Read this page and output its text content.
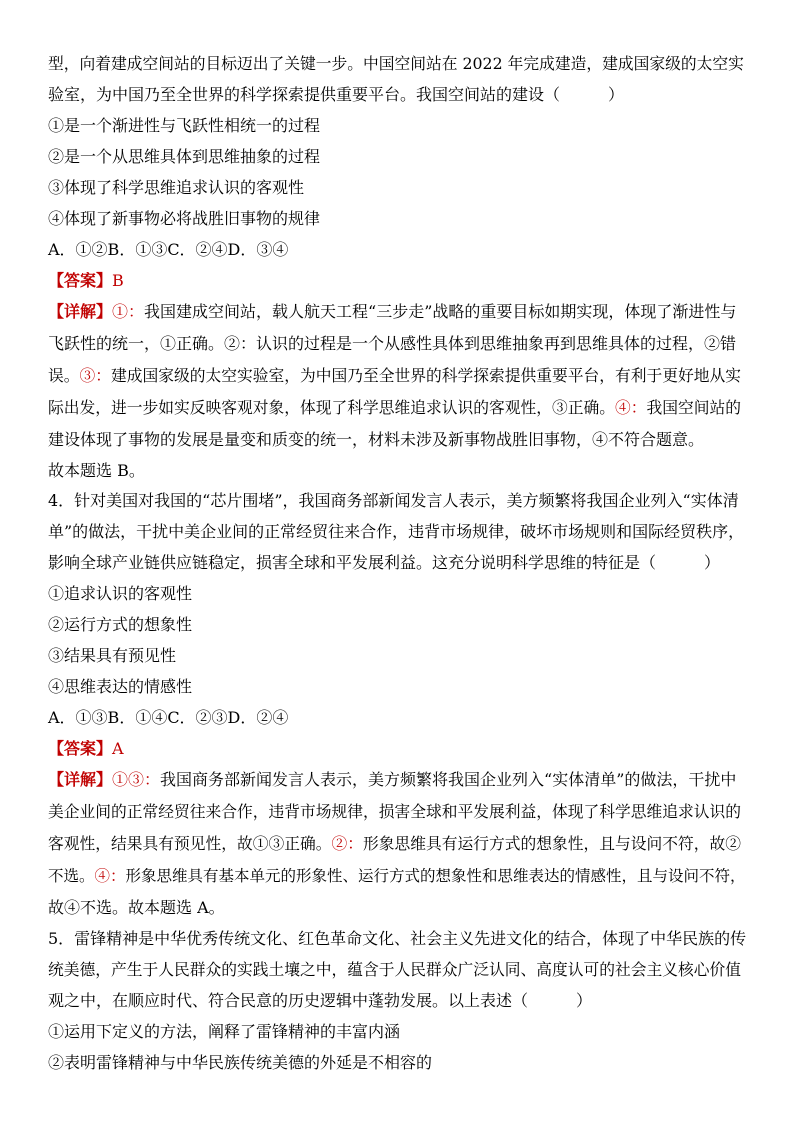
型，向着建成空间站的目标迈出了关键一步。中国空间站在 2022 年完成建造，建成国家级的太空实
验室，为中国乃至全世界的科学探索提供重要平台。我国空间站的建设（　　　）
①是一个渐进性与飞跃性相统一的过程
②是一个从思维具体到思维抽象的过程
③体现了科学思维追求认识的客观性
④体现了新事物必将战胜旧事物的规律
A．①②B．①③C．②④D．③④
【答案】B
【详解】①：我国建成空间站，载人航天工程“三步走”战略的重要目标如期实现，体现了渐进性与
飞跃性的统一，①正确。②：认识的过程是一个从感性具体到思维抽象再到思维具体的过程，②错
误。③：建成国家级的太空实验室，为中国乃至全世界的科学探索提供重要平台，有利于更好地从实
际出发，进一步如实反映客观对象，体现了科学思维追求认识的客观性，③正确。④：我国空间站的
建设体现了事物的发展是量变和质变的统一，材料未涉及新事物战胜旧事物，④不符合题意。
故本题选 B。
4．针对美国对我国的“芯片围堵”，我国商务部新闻发言人表示，美方频繁将我国企业列入“实体清
单”的做法，干扰中美企业间的正常经贸往来合作，违背市场规律，破坏市场规则和国际经贸秩序，
影响全球产业链供应链稳定，损害全球和平发展利益。这充分说明科学思维的特征是（　　　）
①追求认识的客观性
②运行方式的想象性
③结果具有预见性
④思维表达的情感性
A．①③B．①④C．②③D．②④
【答案】A
【详解】①③：我国商务部新闻发言人表示，美方频繁将我国企业列入“实体清单”的做法，干扰中
美企业间的正常经贸往来合作，违背市场规律，损害全球和平发展利益，体现了科学思维追求认识的
客观性，结果具有预见性，故①③正确。②：形象思维具有运行方式的想象性，且与设问不符，故②
不选。④：形象思维具有基本单元的形象性、运行方式的想象性和思维表达的情感性，且与设问不符，
故④不选。故本题选 A。
5．雷锋精神是中华优秀传统文化、红色革命文化、社会主义先进文化的结合，体现了中华民族的传
统美德，产生于人民群众的实践土壤之中，蕴含于人民群众广泛认同、高度认可的社会主义核心价值
观之中，在顺应时代、符合民意的历史逻辑中蓬勃发展。以上表述（　　　）
①运用下定义的方法，阐释了雷锋精神的丰富内涵
②表明雷锋精神与中华民族传统美德的外延是不相容的
